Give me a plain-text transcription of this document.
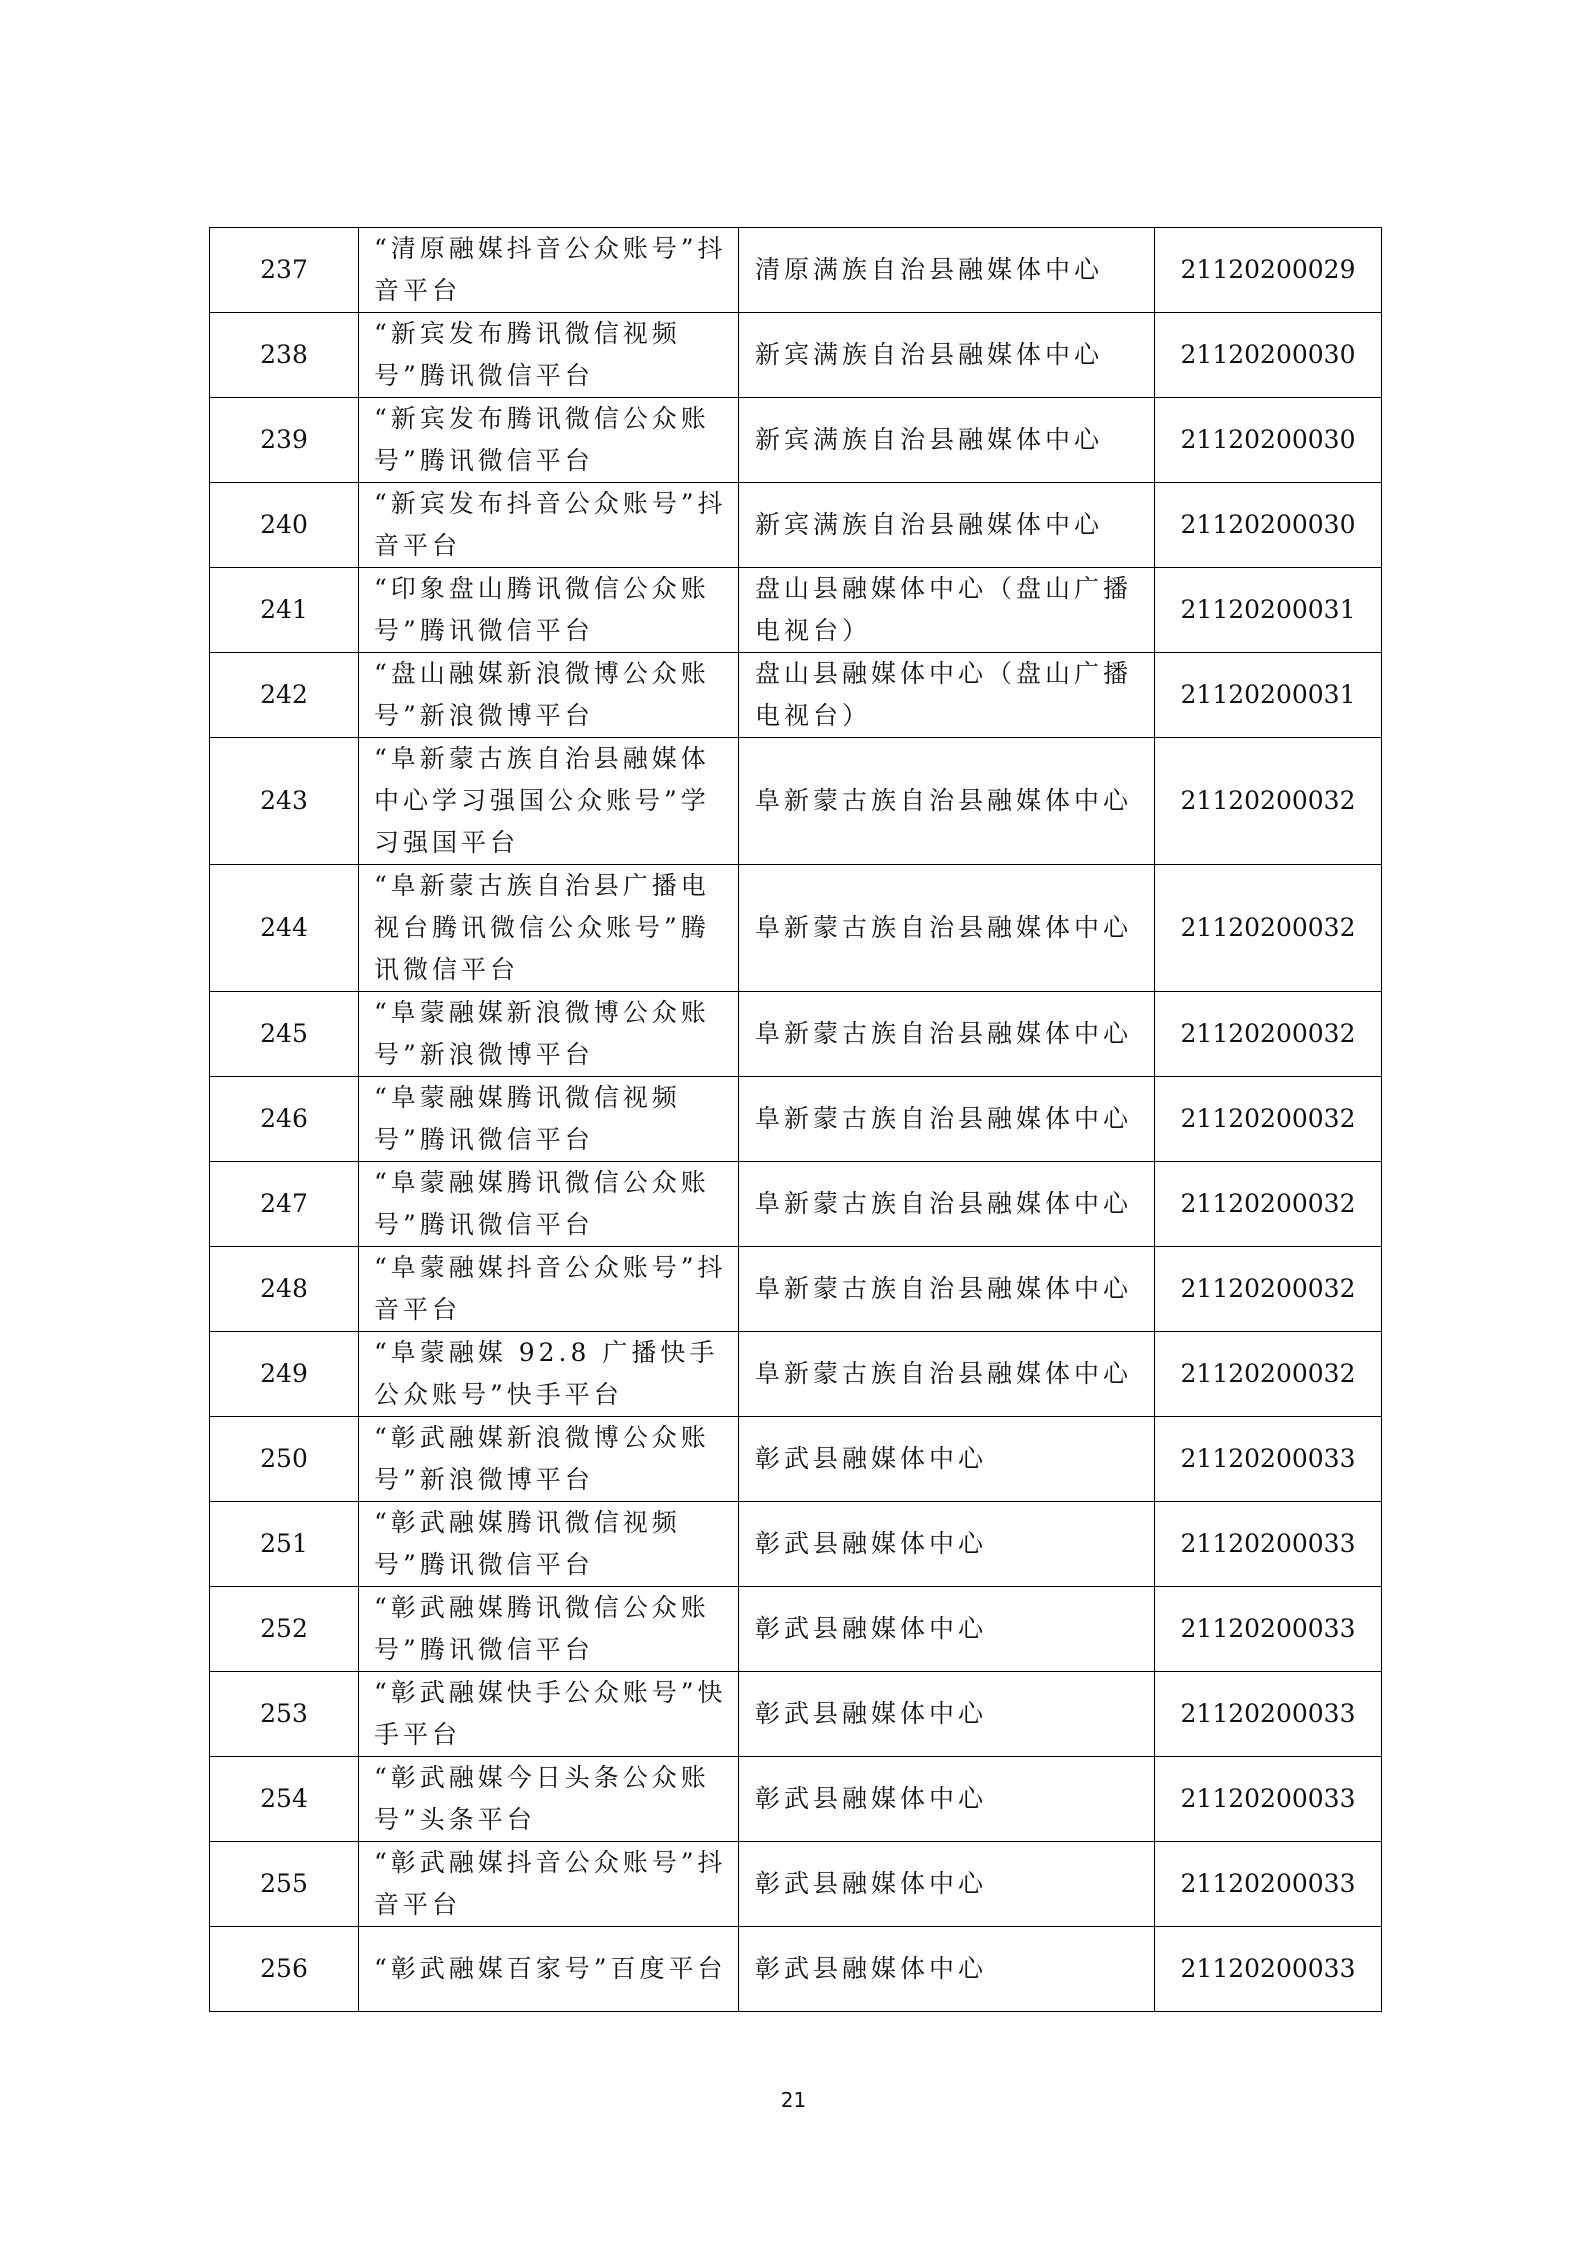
237	“清原融媒抖音公众账号”抖音平台	清原满族自治县融媒体中心	21120200029
238	“新宾发布腾讯微信视频号”腾讯微信平台	新宾满族自治县融媒体中心	21120200030
239	“新宾发布腾讯微信公众账号”腾讯微信平台	新宾满族自治县融媒体中心	21120200030
240	“新宾发布抖音公众账号”抖音平台	新宾满族自治县融媒体中心	21120200030
241	“印象盘山腾讯微信公众账号”腾讯微信平台	盘山县融媒体中心（盘山广播电视台）	21120200031
242	“盘山融媒新浪微博公众账号”新浪微博平台	盘山县融媒体中心（盘山广播电视台）	21120200031
243	“阜新蒙古族自治县融媒体中心学习强国公众账号”学习强国平台	阜新蒙古族自治县融媒体中心	21120200032
244	“阜新蒙古族自治县广播电视台腾讯微信公众账号”腾讯微信平台	阜新蒙古族自治县融媒体中心	21120200032
245	“阜蒙融媒新浪微博公众账号”新浪微博平台	阜新蒙古族自治县融媒体中心	21120200032
246	“阜蒙融媒腾讯微信视频号”腾讯微信平台	阜新蒙古族自治县融媒体中心	21120200032
247	“阜蒙融媒腾讯微信公众账号”腾讯微信平台	阜新蒙古族自治县融媒体中心	21120200032
248	“阜蒙融媒抖音公众账号”抖音平台	阜新蒙古族自治县融媒体中心	21120200032
249	“阜蒙融媒 92.8 广播快手公众账号”快手平台	阜新蒙古族自治县融媒体中心	21120200032
250	“彰武融媒新浪微博公众账号”新浪微博平台	彰武县融媒体中心	21120200033
251	“彰武融媒腾讯微信视频号”腾讯微信平台	彰武县融媒体中心	21120200033
252	“彰武融媒腾讯微信公众账号”腾讯微信平台	彰武县融媒体中心	21120200033
253	“彰武融媒快手公众账号”快手平台	彰武县融媒体中心	21120200033
254	“彰武融媒今日头条公众账号”头条平台	彰武县融媒体中心	21120200033
255	“彰武融媒抖音公众账号”抖音平台	彰武县融媒体中心	21120200033
256	“彰武融媒百家号”百度平台	彰武县融媒体中心	21120200033
21
